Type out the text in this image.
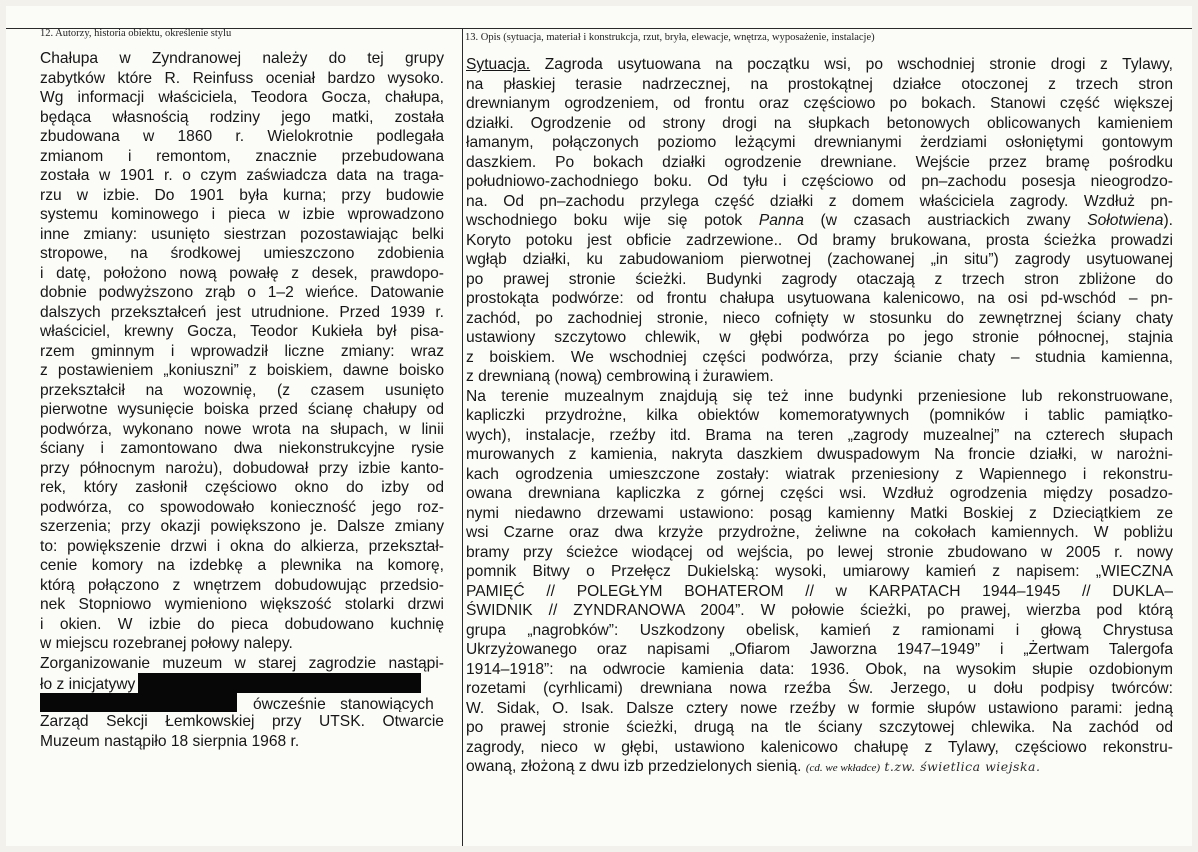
12. Autorzy, historia obiektu, określenie stylu	13. Opis (sytuacja, materiał i konstrukcja, rzut, bryła, elewacje, wnętrza, wyposażenie, instalacje)
Chałupa w Zyndranowej należy do tej grupy
zabytków które R. Reinfuss oceniał bardzo wysoko.
Wg informacji właściciela, Teodora Gocza, chałupa,
będąca własnością rodziny jego matki, została
zbudowana w 1860 r. Wielokrotnie podlegała
zmianom i remontom, znacznie przebudowana
została w 1901 r. o czym zaświadcza data na traga-
rzu w izbie. Do 1901 była kurna; przy budowie
systemu kominowego i pieca w izbie wprowadzono
inne zmiany: usunięto siestrzan pozostawiając belki
stropowe, na środkowej umieszczono zdobienia
i datę, położono nową powałę z desek, prawdopo-
dobnie podwyższono zrąb o 1–2 wieńce. Datowanie
dalszych przekształceń jest utrudnione. Przed 1939 r.
właściciel, krewny Gocza, Teodor Kukieła był pisa-
rzem gminnym i wprowadził liczne zmiany: wraz
z postawieniem „koniuszni” z boiskiem, dawne boisko
przekształcił na wozownię, (z czasem usunięto
pierwotne wysunięcie boiska przed ścianę chałupy od
podwórza, wykonano nowe wrota na słupach, w linii
ściany i zamontowano dwa niekonstrukcyjne rysie
przy północnym narożu), dobudował przy izbie kanto-
rek, który zasłonił częściowo okno do izby od
podwórza, co spowodowało konieczność jego roz-
szerzenia; przy okazji powiększono je. Dalsze zmiany
to: powiększenie drzwi i okna do alkierza, przekształ-
cenie komory na izdebkę a plewnika na komorę,
którą połączono z wnętrzem dobudowując przedsio-
nek Stopniowo wymieniono większość stolarki drzwi
i okien. W izbie do pieca dobudowano kuchnię
w miejscu rozebranej połowy nalepy.
Zorganizowanie muzeum w starej zagrodzie nastąpi-
ło z inicjatywy
ówcześnie stanowiących
Zarząd Sekcji Łemkowskiej przy UTSK. Otwarcie
Muzeum nastąpiło 18 sierpnia 1968 r.
Sytuacja. Zagroda usytuowana na początku wsi, po wschodniej stronie drogi z Tylawy,
na płaskiej terasie nadrzecznej, na prostokątnej działce otoczonej z trzech stron
drewnianym ogrodzeniem, od frontu oraz częściowo po bokach. Stanowi część większej
działki. Ogrodzenie od strony drogi na słupkach betonowych oblicowanych kamieniem
łamanym, połączonych poziomo leżącymi drewnianymi żerdziami osłoniętymi gontowym
daszkiem. Po bokach działki ogrodzenie drewniane. Wejście przez bramę pośrodku
południowo-zachodniego boku. Od tyłu i częściowo od pn–zachodu posesja nieogrodzo-
na. Od pn–zachodu przylega część działki z domem właściciela zagrody. Wzdłuż pn-
wschodniego boku wije się potok Panna (w czasach austriackich zwany Sołotwiena).
Koryto potoku jest obficie zadrzewione.. Od bramy brukowana, prosta ścieżka prowadzi
wgłąb działki, ku zabudowaniom pierwotnej (zachowanej „in situ”) zagrody usytuowanej
po prawej stronie ścieżki. Budynki zagrody otaczają z trzech stron zbliżone do
prostokąta podwórze: od frontu chałupa usytuowana kalenicowo, na osi pd-wschód – pn-
zachód, po zachodniej stronie, nieco cofnięty w stosunku do zewnętrznej ściany chaty
ustawiony szczytowo chlewik, w głębi podwórza po jego stronie północnej, stajnia
z boiskiem. We wschodniej części podwórza, przy ścianie chaty – studnia kamienna,
z drewnianą (nową) cembrowiną i żurawiem.
Na terenie muzealnym znajdują się też inne budynki przeniesione lub rekonstruowane,
kapliczki przydrożne, kilka obiektów komemoratywnych (pomników i tablic pamiątko-
wych), instalacje, rzeźby itd. Brama na teren „zagrody muzealnej” na czterech słupach
murowanych z kamienia, nakryta daszkiem dwuspadowym Na froncie działki, w narożni-
kach ogrodzenia umieszczone zostały: wiatrak przeniesiony z Wapiennego i rekonstru-
owana drewniana kapliczka z górnej części wsi. Wzdłuż ogrodzenia między posadzo-
nymi niedawno drzewami ustawiono: posąg kamienny Matki Boskiej z Dzieciątkiem ze
wsi Czarne oraz dwa krzyże przydrożne, żeliwne na cokołach kamiennych. W pobliżu
bramy przy ścieżce wiodącej od wejścia, po lewej stronie zbudowano w 2005 r. nowy
pomnik Bitwy o Przełęcz Dukielską: wysoki, umiarowy kamień z napisem: „WIECZNA
PAMIĘĆ // POLEGŁYM BOHATEROM // w KARPATACH 1944–1945 // DUKLA–
ŚWIDNIK // ZYNDRANOWA 2004”. W połowie ścieżki, po prawej, wierzba pod którą
grupa „nagrobków”: Uszkodzony obelisk, kamień z ramionami i głową Chrystusa
Ukrzyżowanego oraz napisami „Ofiarom Jaworzna 1947–1949” i „Żertwam Talergofa
1914–1918”: na odwrocie kamienia data: 1936. Obok, na wysokim słupie ozdobionym
rozetami (cyrhlicami) drewniana nowa rzeźba Św. Jerzego, u dołu podpisy twórców:
W. Sidak, O. Isak. Dalsze cztery nowe rzeźby w formie słupów ustawiono parami: jedną
po prawej stronie ścieżki, drugą na tle ściany szczytowej chlewika. Na zachód od
zagrody, nieco w głębi, ustawiono kalenicowo chałupę z Tylawy, częściowo rekonstru-
owaną, złożoną z dwu izb przedzielonych sienią. (cd. we wkładce) t.zw. świetlica wiejska.
